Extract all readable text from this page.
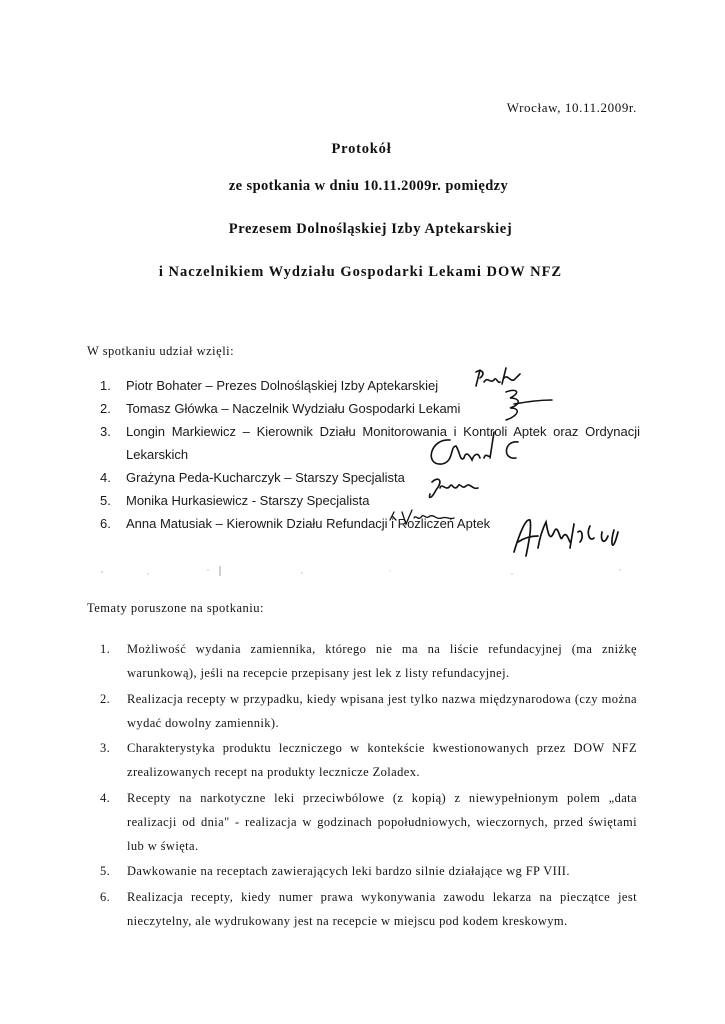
Wrocław, 10.11.2009r.
Protokół
ze spotkania w dniu 10.11.2009r. pomiędzy
Prezesem Dolnośląskiej Izby Aptekarskiej
i Naczelnikiem Wydziału Gospodarki Lekami DOW NFZ
W spotkaniu udział wzięli:
1.	Piotr Bohater – Prezes Dolnośląskiej Izby Aptekarskiej
2.	Tomasz Główka – Naczelnik Wydziału Gospodarki Lekami
3.	Longin Markiewicz – Kierownik Działu Monitorowania i Kontroli Aptek oraz Ordynacji Lekarskich
4.	Grażyna Peda-Kucharczyk – Starszy Specjalista
5.	Monika Hurkasiewicz - Starszy Specjalista
6.	Anna Matusiak – Kierownik Działu Refundacji i Rozliczeń Aptek
Tematy poruszone na spotkaniu:
1.	Możliwość wydania zamiennika, którego nie ma na liście refundacyjnej (ma zniżkę warunkową), jeśli na recepcie przepisany jest lek z listy refundacyjnej.
2.	Realizacja recepty w przypadku, kiedy wpisana jest tylko nazwa międzynarodowa (czy można wydać dowolny zamiennik).
3.	Charakterystyka produktu leczniczego w kontekście kwestionowanych przez DOW NFZ zrealizowanych recept na produkty lecznicze Zoladex.
4.	Recepty na narkotyczne leki przeciwbólowe (z kopią) z niewypełnionym polem „data realizacji od dnia" - realizacja w godzinach popołudniowych, wieczornych, przed świętami lub w święta.
5.	Dawkowanie na receptach zawierających leki bardzo silnie działające wg FP VIII.
6.	Realizacja recepty, kiedy numer prawa wykonywania zawodu lekarza na pieczątce jest nieczytelny, ale wydrukowany jest na recepcie w miejscu pod kodem kreskowym.
